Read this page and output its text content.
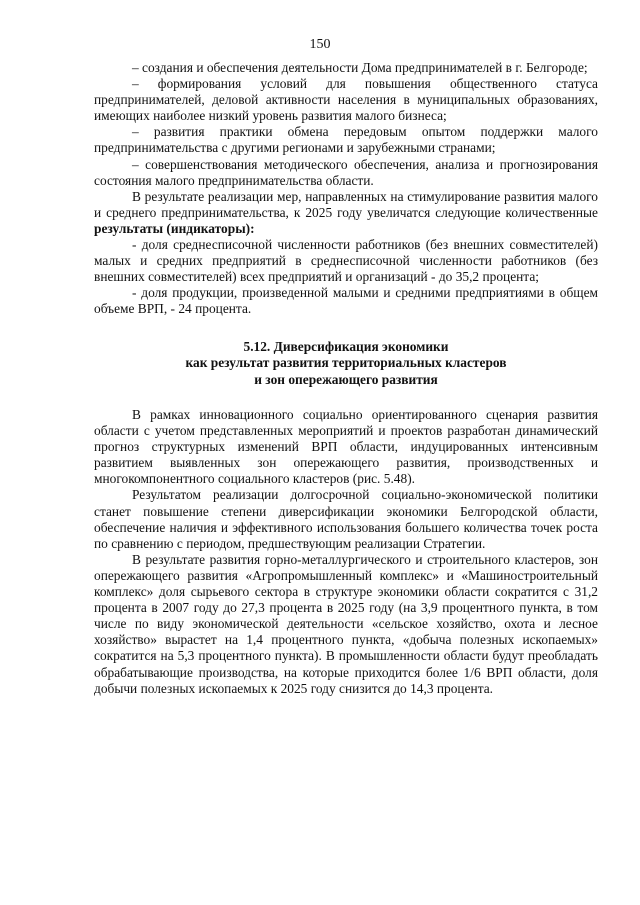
150

– создания и обеспечения деятельности Дома предпринимателей в г. Белгороде;

– формирования условий для повышения общественного статуса предпринимателей, деловой активности населения в муниципальных образованиях, имеющих наиболее низкий уровень развития малого бизнеса;

– развития практики обмена передовым опытом поддержки малого предпринимательства с другими регионами и зарубежными странами;

– совершенствования методического обеспечения, анализа и прогнозирования состояния малого предпринимательства области.

В результате реализации мер, направленных на стимулирование развития малого и среднего предпринимательства, к 2025 году увеличатся следующие количественные результаты (индикаторы):

- доля среднесписочной численности работников (без внешних совместителей) малых и средних предприятий в среднесписочной численности работников (без внешних совместителей) всех предприятий и организаций - до 35,2 процента;

- доля продукции, произведенной малыми и средними предприятиями в общем объеме ВРП, - 24 процента.

5.12. Диверсификация экономики
как результат развития территориальных кластеров
и зон опережающего развития

В рамках инновационного социально ориентированного сценария развития области с учетом представленных мероприятий и проектов разработан динамический прогноз структурных изменений ВРП области, индуцированных интенсивным развитием выявленных зон опережающего развития, производственных и многокомпонентного социального кластеров (рис. 5.48).

Результатом реализации долгосрочной социально-экономической политики станет повышение степени диверсификации экономики Белгородской области, обеспечение наличия и эффективного использования большего количества точек роста по сравнению с периодом, предшествующим реализации Стратегии.

В результате развития горно-металлургического и строительного кластеров, зон опережающего развития «Агропромышленный комплекс» и «Машиностроительный комплекс» доля сырьевого сектора в структуре экономики области сократится с 31,2 процента в 2007 году до 27,3 процента в 2025 году (на 3,9 процентного пункта, в том числе по виду экономической деятельности «сельское хозяйство, охота и лесное хозяйство» вырастет на 1,4 процентного пункта, «добыча полезных ископаемых» сократится на 5,3 процентного пункта). В промышленности области будут преобладать обрабатывающие производства, на которые приходится более 1/6 ВРП области, доля добычи полезных ископаемых к 2025 году снизится до 14,3 процента.
